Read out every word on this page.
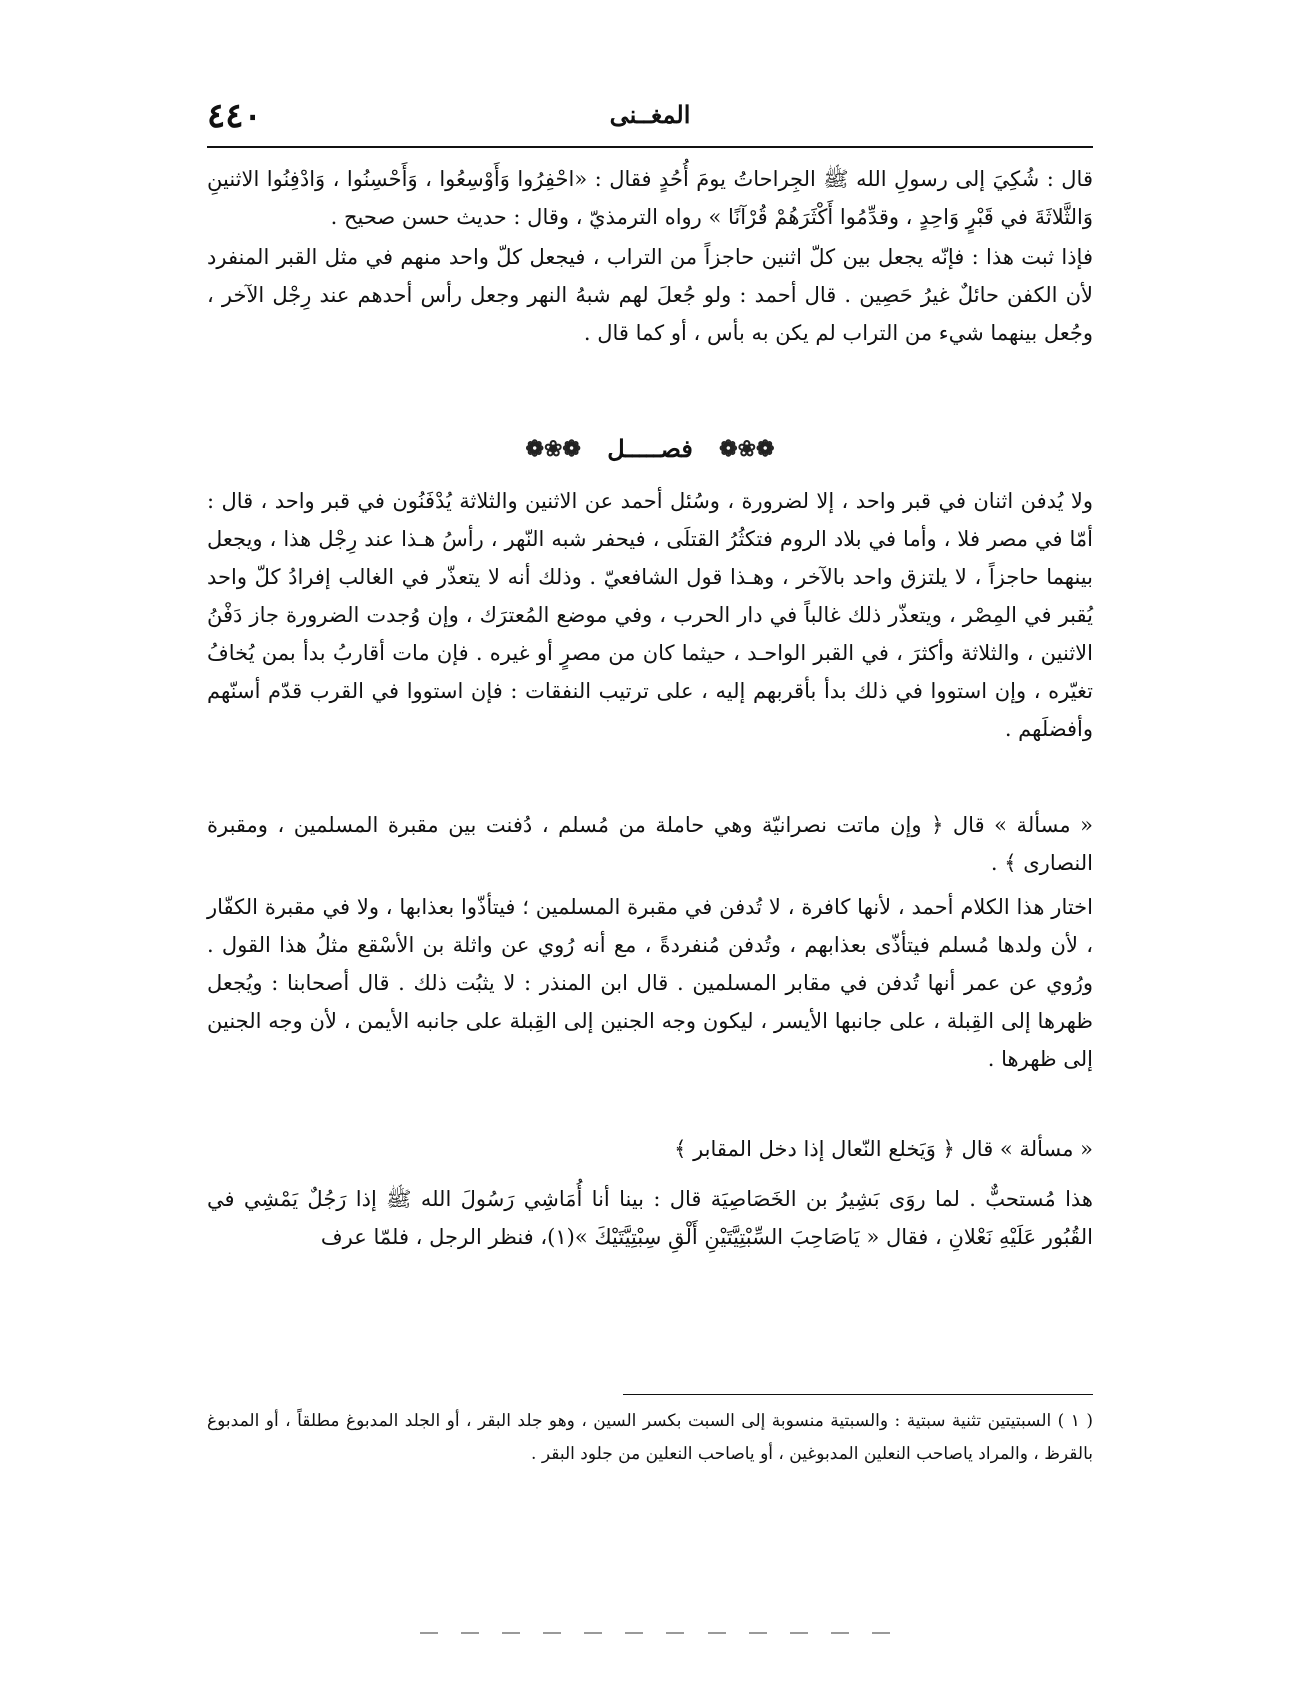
٤٤٠	المغــنى

قال : شُكِيَ إلى رسولِ الله ﷺ الجِراحاتُ يومَ أُحُدٍ فقال : «احْفِرُوا وَأَوْسِعُوا ، وَأَحْسِنُوا ، وَادْفِنُوا الاثنينِ وَالثَّلاثَةَ في قَبْرٍ وَاحِدٍ ، وقدِّمُوا أَكْثَرَهُمْ قُرْآنًا » رواه الترمذيّ ، وقال : حديث حسن صحيح .

فإذا ثبت هذا : فإنّه يجعل بين كلّ اثنين حاجزاً من التراب ، فيجعل كلّ واحد منهم في مثل القبر المنفرد لأن الكفن حائلٌ غيرُ حَصِين . قال أحمد : ولو جُعلَ لهم شبهُ النهر وجعل رأس أحدهم عند رِجْل الآخر ، وجُعل بينهما شيء من التراب لم يكن به بأس ، أو كما قال .

❁❀❁ فصـــــل ❁❀❁

ولا يُدفن اثنان في قبر واحد ، إلا لضرورة ، وسُئل أحمد عن الاثنين والثلاثة يُدْفَنُون في قبر واحد ، قال : أمّا في مصر فلا ، وأما في بلاد الروم فتكثُرُ القتلَى ، فيحفر شبه النّهر ، رأسُ هـذا عند رِجْل هذا ، ويجعل بينهما حاجزاً ، لا يلتزق واحد بالآخر ، وهـذا قول الشافعيّ . وذلك أنه لا يتعذّر في الغالب إفرادُ كلّ واحد يُقبر في المِصْر ، ويتعذّر ذلك غالباً في دار الحرب ، وفي موضع المُعترَك ، وإن وُجدت الضرورة جاز دَفْنُ الاثنين ، والثلاثة وأكثرَ ، في القبر الواحـد ، حيثما كان من مصرٍ أو غيره . فإن مات أقاربُ بدأ بمن يُخافُ تغيّره ، وإن استووا في ذلك بدأ بأقربهم إليه ، على ترتيب النفقات : فإن استووا في القرب قدّم أسنّهم وأفضلَهم .

« مسألة » قال ﴿ وإن ماتت نصرانيّة وهي حاملة من مُسلم ، دُفنت بين مقبرة المسلمين ، ومقبرة النصارى ﴾ .

اختار هذا الكلام أحمد ، لأنها كافرة ، لا تُدفن في مقبرة المسلمين ؛ فيتأذّوا بعذابها ، ولا في مقبرة الكفّار ، لأن ولدها مُسلم فيتأذّى بعذابهم ، وتُدفن مُنفردةً ، مع أنه رُوي عن واثلة بن الأسْقع مثلُ هذا القول . ورُوي عن عمر أنها تُدفن في مقابر المسلمين . قال ابن المنذر : لا يثبُت ذلك . قال أصحابنا : ويُجعل ظهرها إلى القِبلة ، على جانبها الأيسر ، ليكون وجه الجنين إلى القِبلة على جانبه الأيمن ، لأن وجه الجنين إلى ظهرها .

« مسألة » قال ﴿ وَيَخلع النّعال إذا دخل المقابر ﴾

هذا مُستحبٌّ . لما روَى بَشِيرُ بن الخَصَاصِيَة قال : بينا أنا أُمَاشِي رَسُولَ الله ﷺ إذا رَجُلٌ يَمْشِي في القُبُور عَلَيْهِ نَعْلانِ ، فقال « يَاصَاحِبَ السِّبْتِيَّتَيْنِ أَلْقِ سِبْتِيَّتَيْكَ »(١)، فنظر الرجل ، فلمّا عرف

( ١ ) السبتيتين تثنية سبتية : والسبتية منسوبة إلى السبت بكسر السين ، وهو جلد البقر ، أو الجلد المدبوغ مطلقاً ، أو المدبوغ بالقرظ ، والمراد ياصاحب النعلين المدبوغين ، أو ياصاحب النعلين من جلود البقر .
